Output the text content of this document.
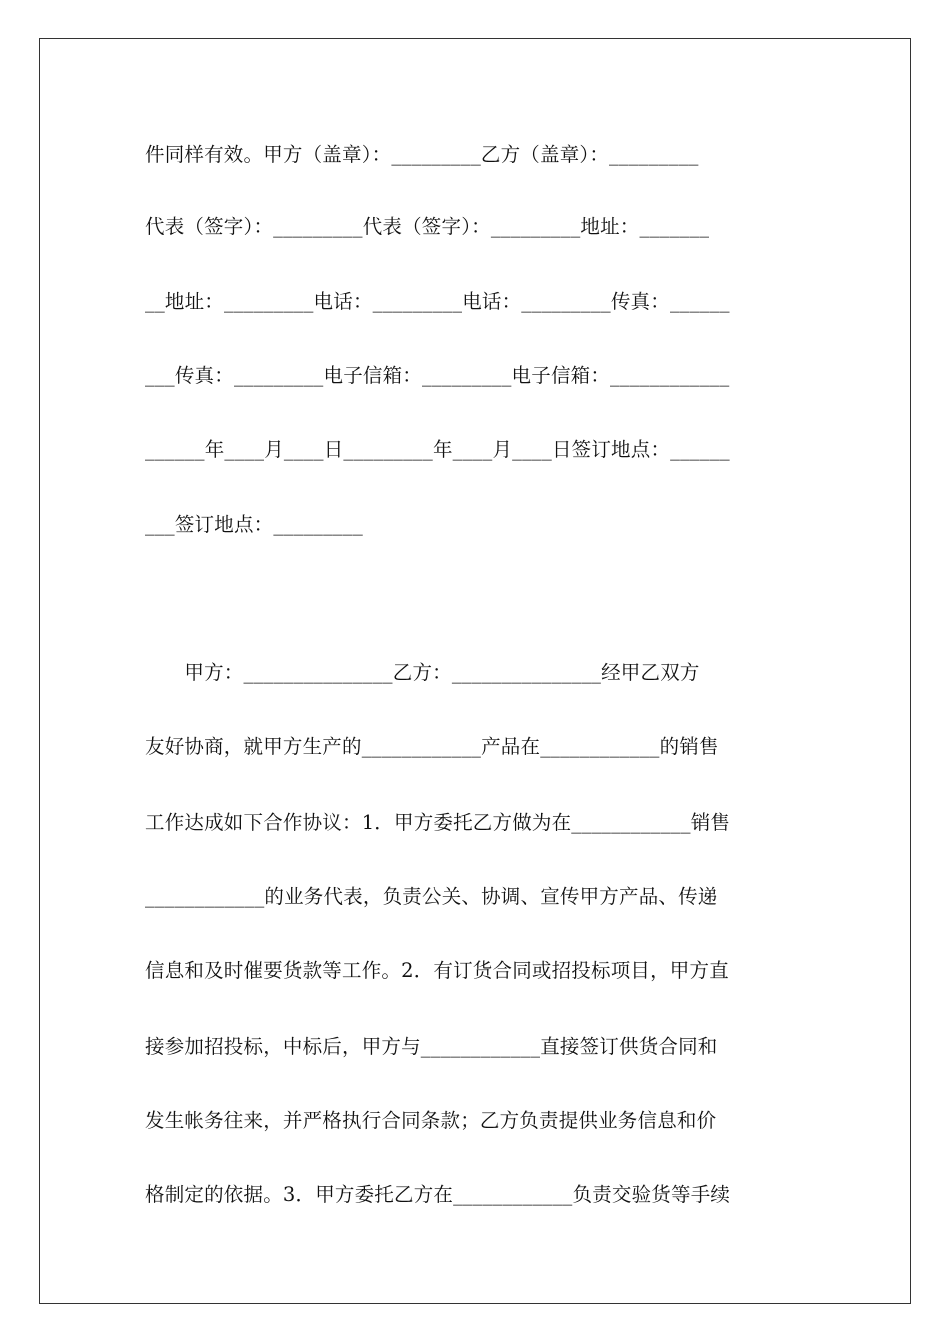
件同样有效。甲方（盖章）：_________乙方（盖章）：_________
代表（签字）：_________代表（签字）：_________地址：_______
__地址：_________电话：_________电话：_________传真：______
___传真：_________电子信箱：_________电子信箱：____________
______年____月____日_________年____月____日签订地点：______
___签订地点：_________
　　甲方：_______________乙方：_______________经甲乙双方
友好协商，就甲方生产的____________产品在____________的销售
工作达成如下合作协议：1．甲方委托乙方做为在____________销售
____________的业务代表，负责公关、协调、宣传甲方产品、传递
信息和及时催要货款等工作。2．有订货合同或招投标项目，甲方直
接参加招投标，中标后，甲方与____________直接签订供货合同和
发生帐务往来，并严格执行合同条款；乙方负责提供业务信息和价
格制定的依据。3．甲方委托乙方在____________负责交验货等手续
